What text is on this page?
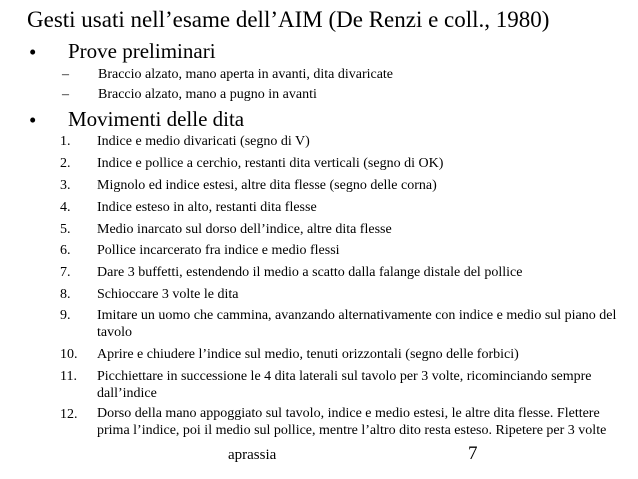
Gesti usati nell’esame dell’AIM (De Renzi e coll., 1980)
• Prove preliminari
– Braccio alzato, mano aperta in avanti, dita divaricate
– Braccio alzato, mano a pugno in avanti
• Movimenti delle dita
1. Indice e medio divaricati (segno di V)
2. Indice e pollice a cerchio, restanti dita verticali (segno di OK)
3. Mignolo ed indice estesi, altre dita flesse (segno delle corna)
4. Indice esteso in alto, restanti dita flesse
5. Medio inarcato sul dorso dell’indice, altre dita flesse
6. Pollice incarcerato fra indice e medio flessi
7. Dare 3 buffetti, estendendo il medio a scatto dalla falange distale del pollice
8. Schioccare 3 volte le dita
9. Imitare un uomo che cammina, avanzando alternativamente con indice e medio sul piano del tavolo
10. Aprire e chiudere l’indice sul medio, tenuti orizzontali (segno delle forbici)
11. Picchiettare in successione le 4 dita laterali sul tavolo per 3 volte, ricominciando sempre dall’indice
12. Dorso della mano appoggiato sul tavolo, indice e medio estesi, le altre dita flesse. Flettere prima l’indice, poi il medio sul pollice, mentre l’altro dito resta esteso. Ripetere per 3 volte
aprassia	7
